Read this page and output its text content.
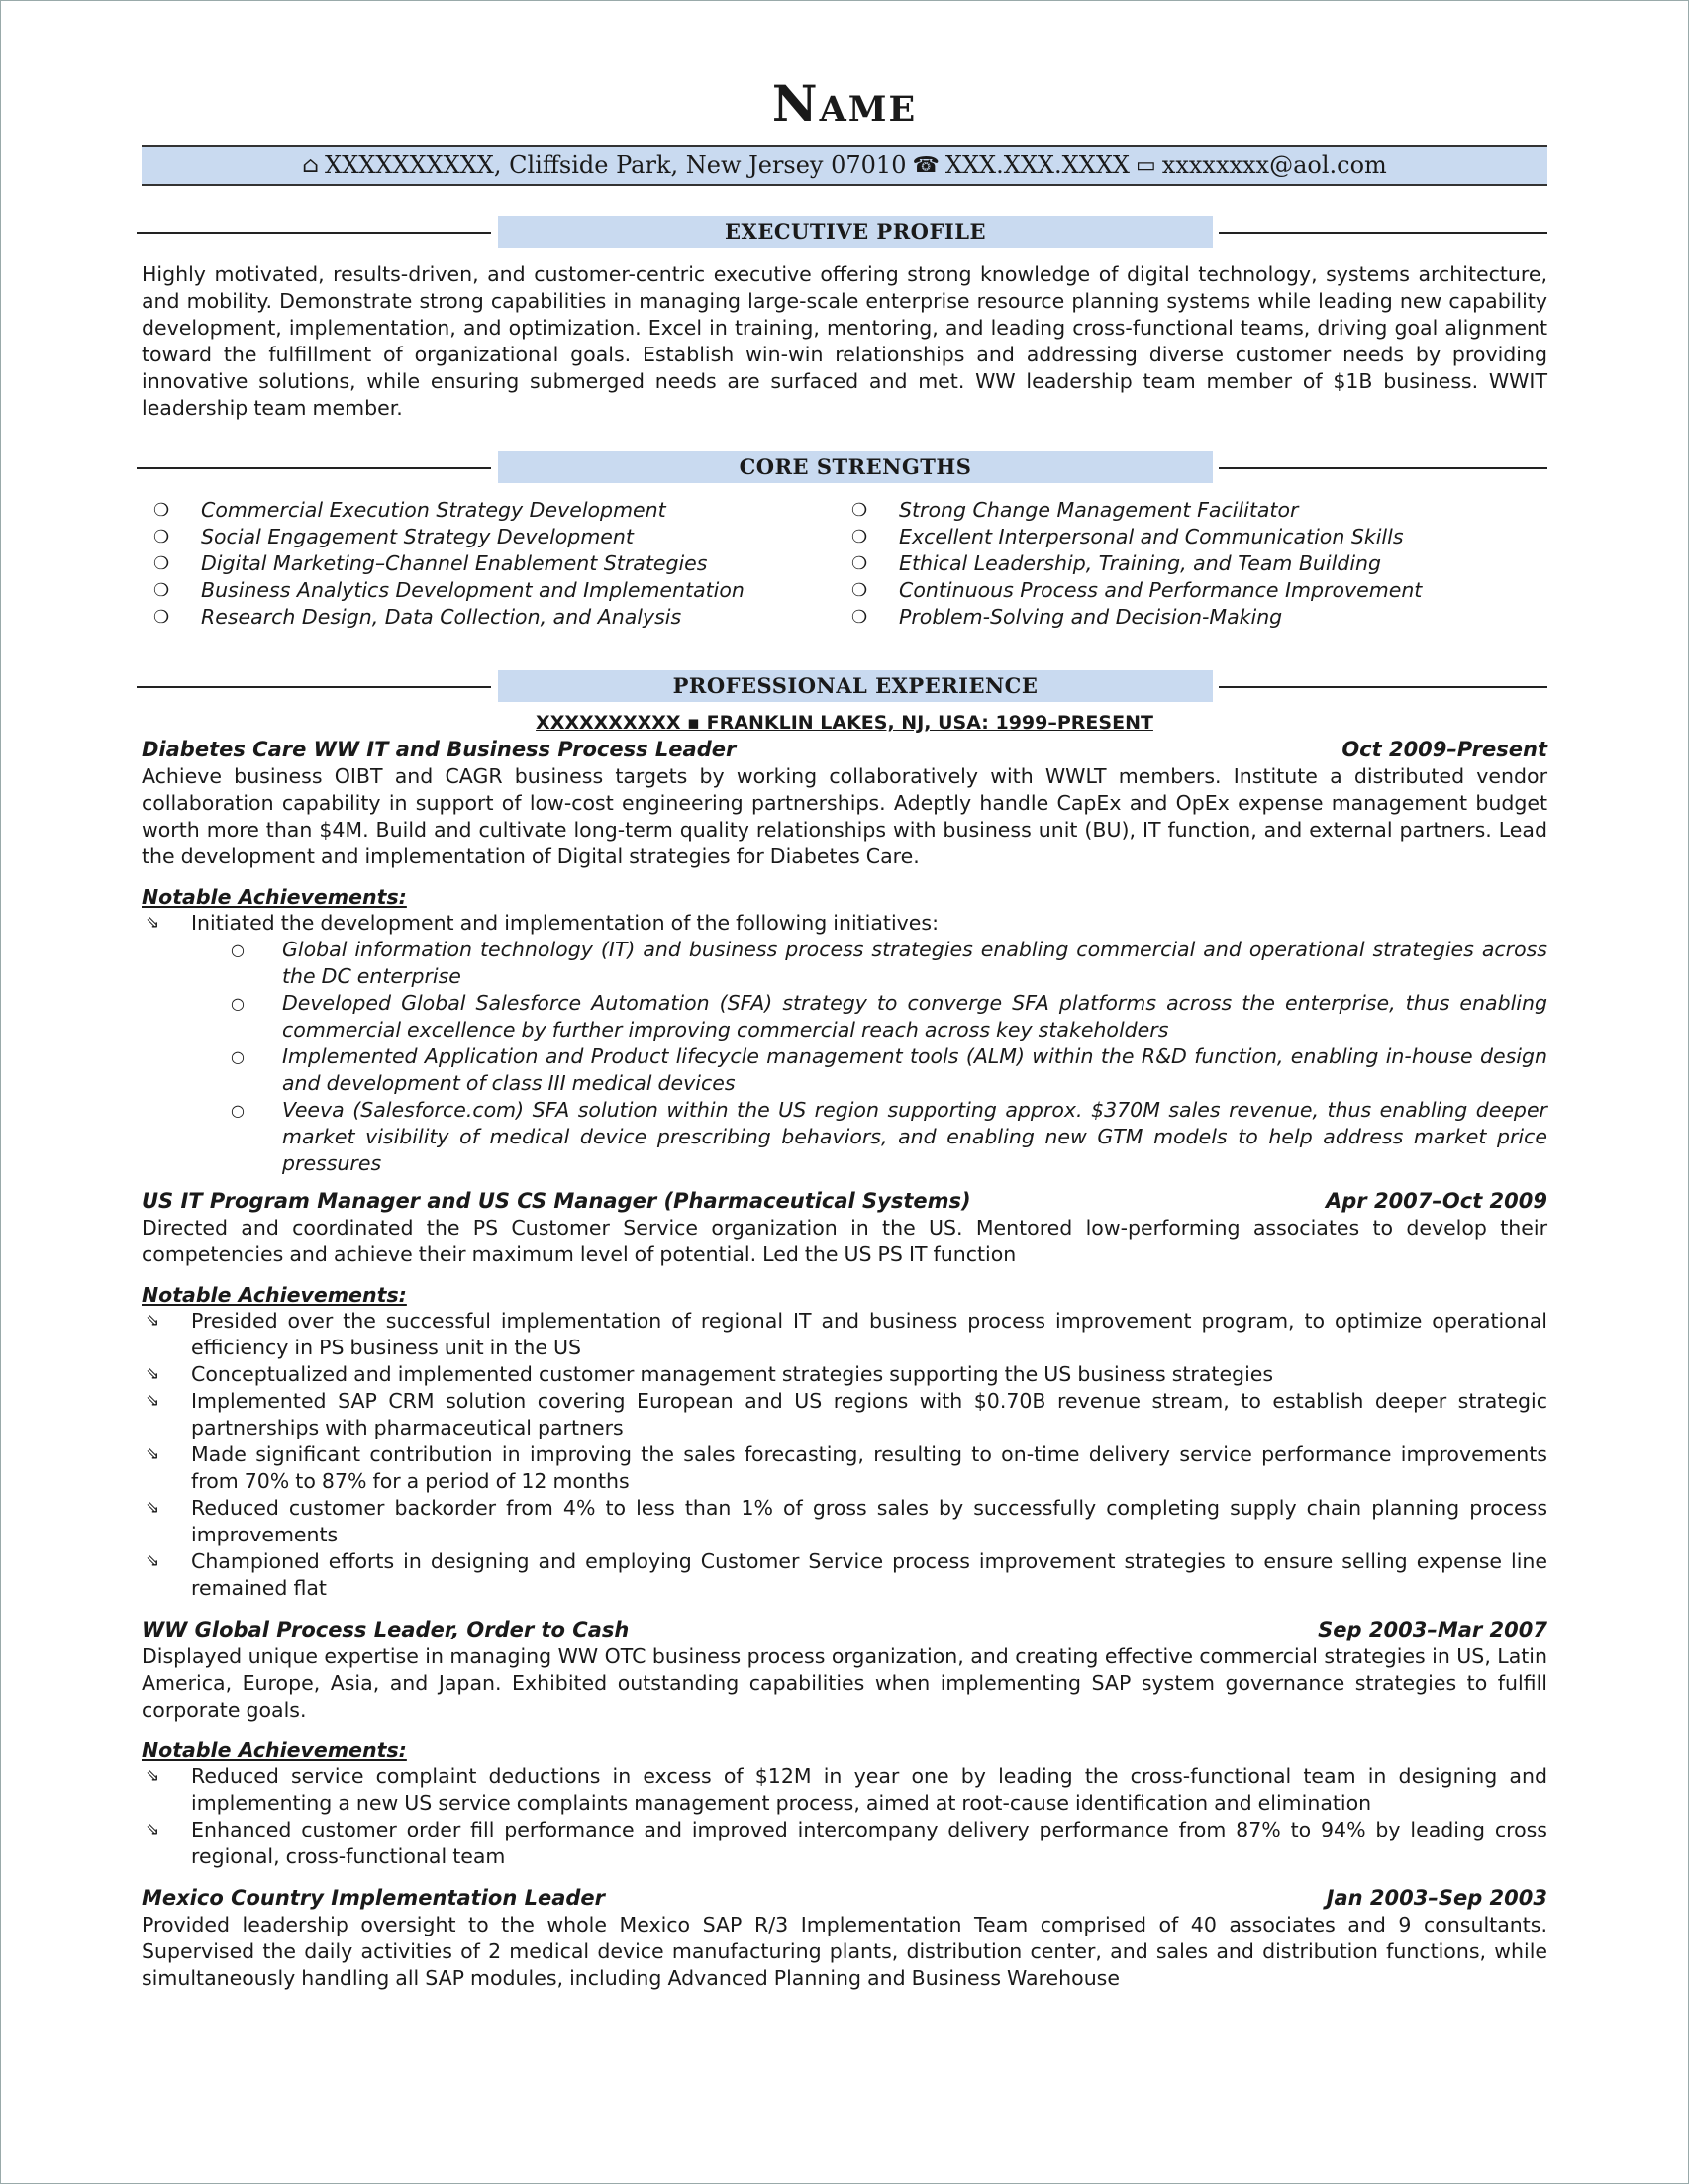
Name
⌂ XXXXXXXXXX, Cliffside Park, New Jersey 07010 ☎ XXX.XXX.XXXX ▭ xxxxxxxx@aol.com
EXECUTIVE PROFILE

Highly motivated, results-driven, and customer-centric executive offering strong knowledge of digital technology, systems architecture, and mobility. Demonstrate strong capabilities in managing large-scale enterprise resource planning systems while leading new capability development, implementation, and optimization. Excel in training, mentoring, and leading cross-functional teams, driving goal alignment toward the fulfillment of organizational goals. Establish win-win relationships and addressing diverse customer needs by providing innovative solutions, while ensuring submerged needs are surfaced and met. WW leadership team member of $1B business. WWIT leadership team member.

CORE STRENGTHS
❍	Commercial Execution Strategy Development
❍	Social Engagement Strategy Development
❍	Digital Marketing–Channel Enablement Strategies
❍	Business Analytics Development and Implementation
❍	Research Design, Data Collection, and Analysis
❍	Strong Change Management Facilitator
❍	Excellent Interpersonal and Communication Skills
❍	Ethical Leadership, Training, and Team Building
❍	Continuous Process and Performance Improvement
❍	Problem-Solving and Decision-Making
PROFESSIONAL EXPERIENCE
XXXXXXXXXX ▪ FRANKLIN LAKES, NJ, USA: 1999–PRESENT
Diabetes Care WW IT and Business Process Leader	Oct 2009–Present

Achieve business OIBT and CAGR business targets by working collaboratively with WWLT members. Institute a distributed vendor collaboration capability in support of low-cost engineering partnerships. Adeptly handle CapEx and OpEx expense management budget worth more than $4M. Build and cultivate long-term quality relationships with business unit (BU), IT function, and external partners. Lead the development and implementation of Digital strategies for Diabetes Care.

Notable Achievements:
⇘	Initiated the development and implementation of the following initiatives:
○	Global information technology (IT) and business process strategies enabling commercial and operational strategies across the DC enterprise
○	Developed Global Salesforce Automation (SFA) strategy to converge SFA platforms across the enterprise, thus enabling commercial excellence by further improving commercial reach across key stakeholders
○	Implemented Application and Product lifecycle management tools (ALM) within the R&D function, enabling in-house design and development of class III medical devices
○	Veeva (Salesforce.com) SFA solution within the US region supporting approx. $370M sales revenue, thus enabling deeper market visibility of medical device prescribing behaviors, and enabling new GTM models to help address market price pressures
US IT Program Manager and US CS Manager (Pharmaceutical Systems)	Apr 2007–Oct 2009

Directed and coordinated the PS Customer Service organization in the US. Mentored low-performing associates to develop their competencies and achieve their maximum level of potential. Led the US PS IT function

Notable Achievements:
⇘	Presided over the successful implementation of regional IT and business process improvement program, to optimize operational efficiency in PS business unit in the US
⇘	Conceptualized and implemented customer management strategies supporting the US business strategies
⇘	Implemented SAP CRM solution covering European and US regions with $0.70B revenue stream, to establish deeper strategic partnerships with pharmaceutical partners
⇘	Made significant contribution in improving the sales forecasting, resulting to on-time delivery service performance improvements from 70% to 87% for a period of 12 months
⇘	Reduced customer backorder from 4% to less than 1% of gross sales by successfully completing supply chain planning process improvements
⇘	Championed efforts in designing and employing Customer Service process improvement strategies to ensure selling expense line remained flat
WW Global Process Leader, Order to Cash	Sep 2003–Mar 2007

Displayed unique expertise in managing WW OTC business process organization, and creating effective commercial strategies in US, Latin America, Europe, Asia, and Japan. Exhibited outstanding capabilities when implementing SAP system governance strategies to fulfill corporate goals.

Notable Achievements:
⇘	Reduced service complaint deductions in excess of $12M in year one by leading the cross-functional team in designing and implementing a new US service complaints management process, aimed at root-cause identification and elimination
⇘	Enhanced customer order fill performance and improved intercompany delivery performance from 87% to 94% by leading cross regional, cross-functional team
Mexico Country Implementation Leader	Jan 2003–Sep 2003

Provided leadership oversight to the whole Mexico SAP R/3 Implementation Team comprised of 40 associates and 9 consultants. Supervised the daily activities of 2 medical device manufacturing plants, distribution center, and sales and distribution functions, while simultaneously handling all SAP modules, including Advanced Planning and Business Warehouse
